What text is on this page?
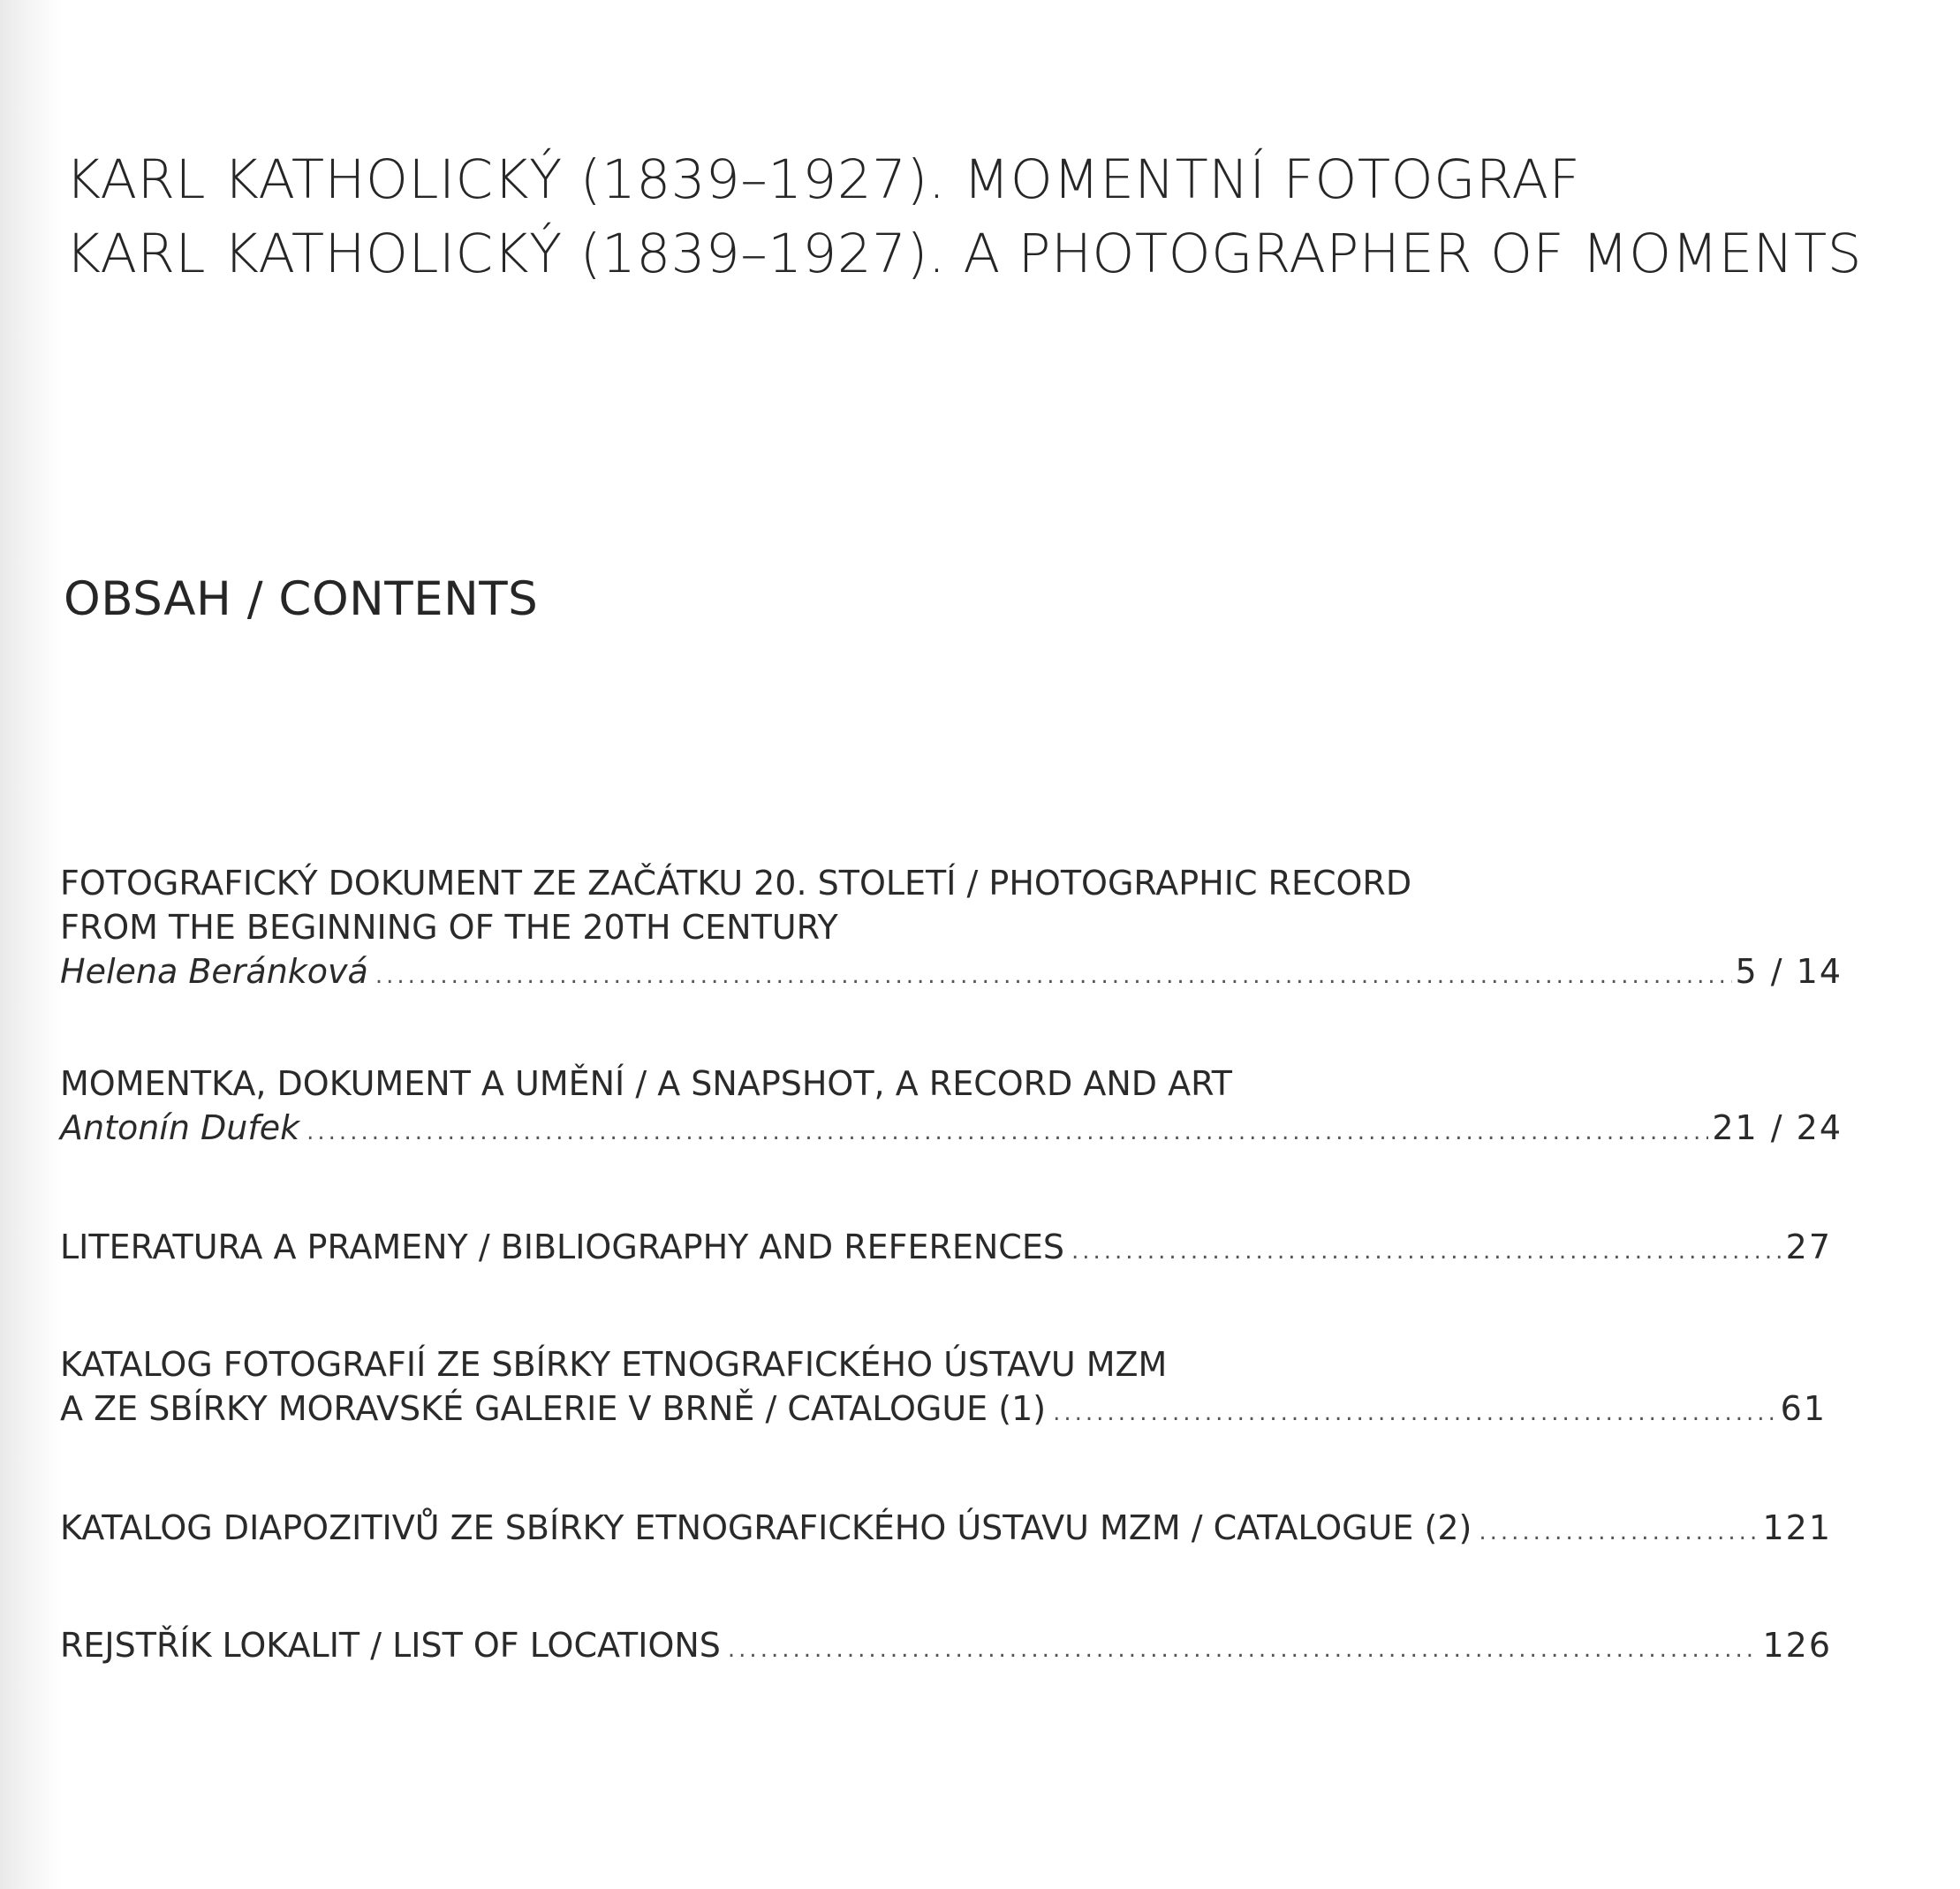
KARL KATHOLICKÝ (1839–1927). MOMENTNÍ FOTOGRAF
KARL KATHOLICKÝ (1839–1927). A PHOTOGRAPHER OF MOMENTS
OBSAH / CONTENTS
FOTOGRAFICKÝ DOKUMENT ZE ZAČÁTKU 20. STOLETÍ / PHOTOGRAPHIC RECORD
FROM THE BEGINNING OF THE 20TH CENTURY
Helena Beránková .....	5 / 14
MOMENTKA, DOKUMENT A UMĚNÍ / A SNAPSHOT, A RECORD AND ART
Antonín Dufek .....	21 / 24
LITERATURA A PRAMENY / BIBLIOGRAPHY AND REFERENCES .....	27
KATALOG FOTOGRAFIÍ ZE SBÍRKY ETNOGRAFICKÉHO ÚSTAVU MZM
A ZE SBÍRKY MORAVSKÉ GALERIE V BRNĚ / CATALOGUE (1) .....	61
KATALOG DIAPOZITIVŮ ZE SBÍRKY ETNOGRAFICKÉHO ÚSTAVU MZM / CATALOGUE (2) .....	121
REJSTŘÍK LOKALIT / LIST OF LOCATIONS .....	126
